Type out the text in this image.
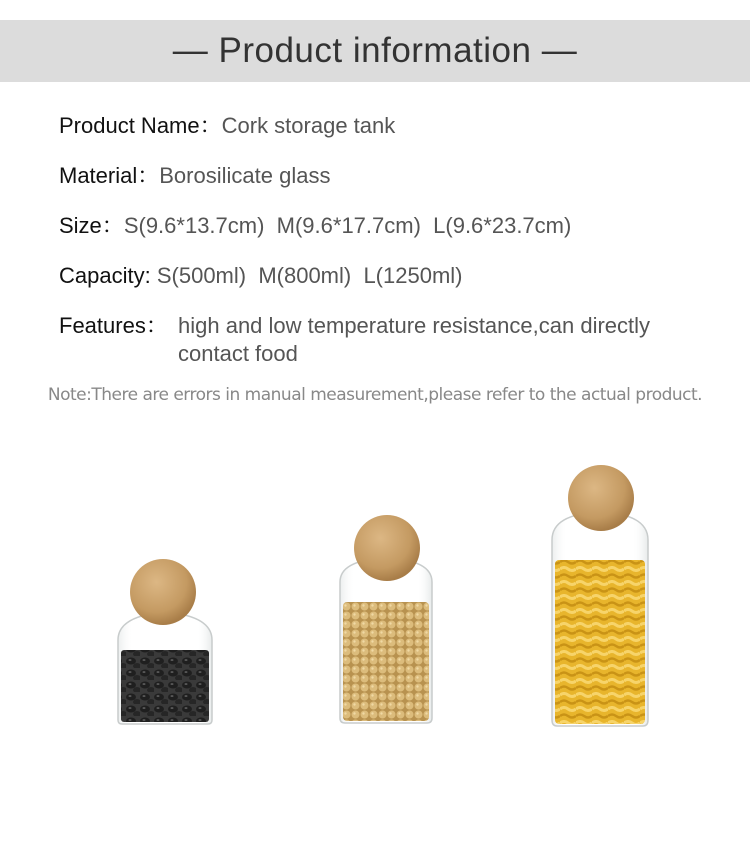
— Product information —
Product Name：Cork storage tank
Material：Borosilicate glass
Size：S(9.6*13.7cm)  M(9.6*17.7cm)  L(9.6*23.7cm)
Capacity: S(500ml)  M(800ml)  L(1250ml)
Features： high and low temperature resistance,can directly contact food
Note:There are errors in manual measurement,please refer to the actual product.
